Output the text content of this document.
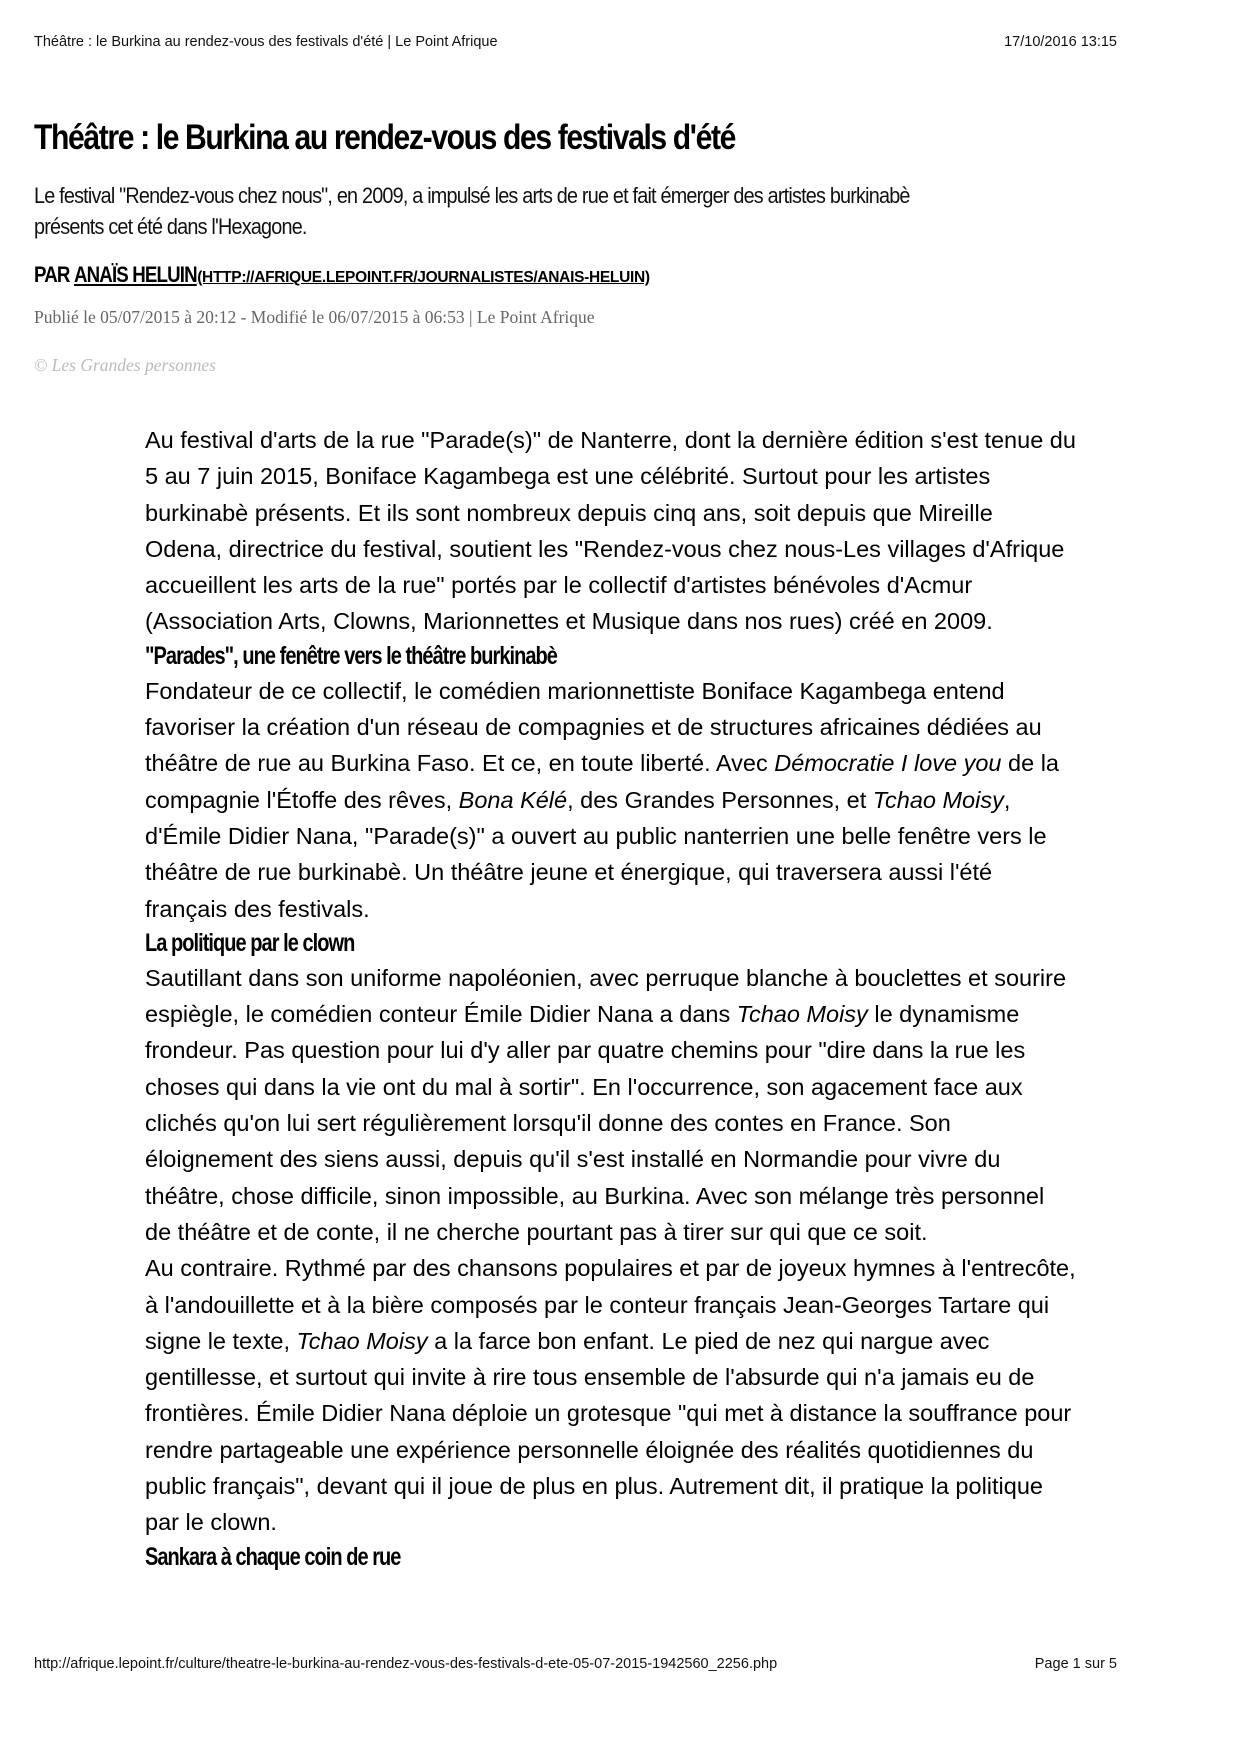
Théâtre : le Burkina au rendez-vous des festivals d'été | Le Point Afrique	17/10/2016 13:15
Théâtre : le Burkina au rendez-vous des festivals d'été
Le festival "Rendez-vous chez nous", en 2009, a impulsé les arts de rue et fait émerger des artistes burkinabè
présents cet été dans l'Hexagone.
PAR ANAÏS HELUIN (HTTP://AFRIQUE.LEPOINT.FR/JOURNALISTES/ANAIS-HELUIN)
Publié le 05/07/2015 à 20:12 - Modifié le 06/07/2015 à 06:53 | Le Point Afrique
© Les Grandes personnes
Au festival d'arts de la rue "Parade(s)" de Nanterre, dont la dernière édition s'est tenue du
5 au 7 juin 2015, Boniface Kagambega est une célébrité. Surtout pour les artistes
burkinabè présents. Et ils sont nombreux depuis cinq ans, soit depuis que Mireille
Odena, directrice du festival, soutient les "Rendez-vous chez nous-Les villages d'Afrique
accueillent les arts de la rue" portés par le collectif d'artistes bénévoles d'Acmur
(Association Arts, Clowns, Marionnettes et Musique dans nos rues) créé en 2009.
"Parades", une fenêtre vers le théâtre burkinabè
Fondateur de ce collectif, le comédien marionnettiste Boniface Kagambega entend
favoriser la création d'un réseau de compagnies et de structures africaines dédiées au
théâtre de rue au Burkina Faso. Et ce, en toute liberté. Avec Démocratie I love you de la
compagnie l'Étoffe des rêves, Bona Kélé, des Grandes Personnes, et Tchao Moisy,
d'Émile Didier Nana, "Parade(s)" a ouvert au public nanterrien une belle fenêtre vers le
théâtre de rue burkinabè. Un théâtre jeune et énergique, qui traversera aussi l'été
français des festivals.
La politique par le clown
Sautillant dans son uniforme napoléonien, avec perruque blanche à bouclettes et sourire
espiègle, le comédien conteur Émile Didier Nana a dans Tchao Moisy le dynamisme
frondeur. Pas question pour lui d'y aller par quatre chemins pour "dire dans la rue les
choses qui dans la vie ont du mal à sortir". En l'occurrence, son agacement face aux
clichés qu'on lui sert régulièrement lorsqu'il donne des contes en France. Son
éloignement des siens aussi, depuis qu'il s'est installé en Normandie pour vivre du
théâtre, chose difficile, sinon impossible, au Burkina. Avec son mélange très personnel
de théâtre et de conte, il ne cherche pourtant pas à tirer sur qui que ce soit.
Au contraire. Rythmé par des chansons populaires et par de joyeux hymnes à l'entrecôte,
à l'andouillette et à la bière composés par le conteur français Jean-Georges Tartare qui
signe le texte, Tchao Moisy a la farce bon enfant. Le pied de nez qui nargue avec
gentillesse, et surtout qui invite à rire tous ensemble de l'absurde qui n'a jamais eu de
frontières. Émile Didier Nana déploie un grotesque "qui met à distance la souffrance pour
rendre partageable une expérience personnelle éloignée des réalités quotidiennes du
public français", devant qui il joue de plus en plus. Autrement dit, il pratique la politique
par le clown.
Sankara à chaque coin de rue
http://afrique.lepoint.fr/culture/theatre-le-burkina-au-rendez-vous-des-festivals-d-ete-05-07-2015-1942560_2256.php	Page 1 sur 5
